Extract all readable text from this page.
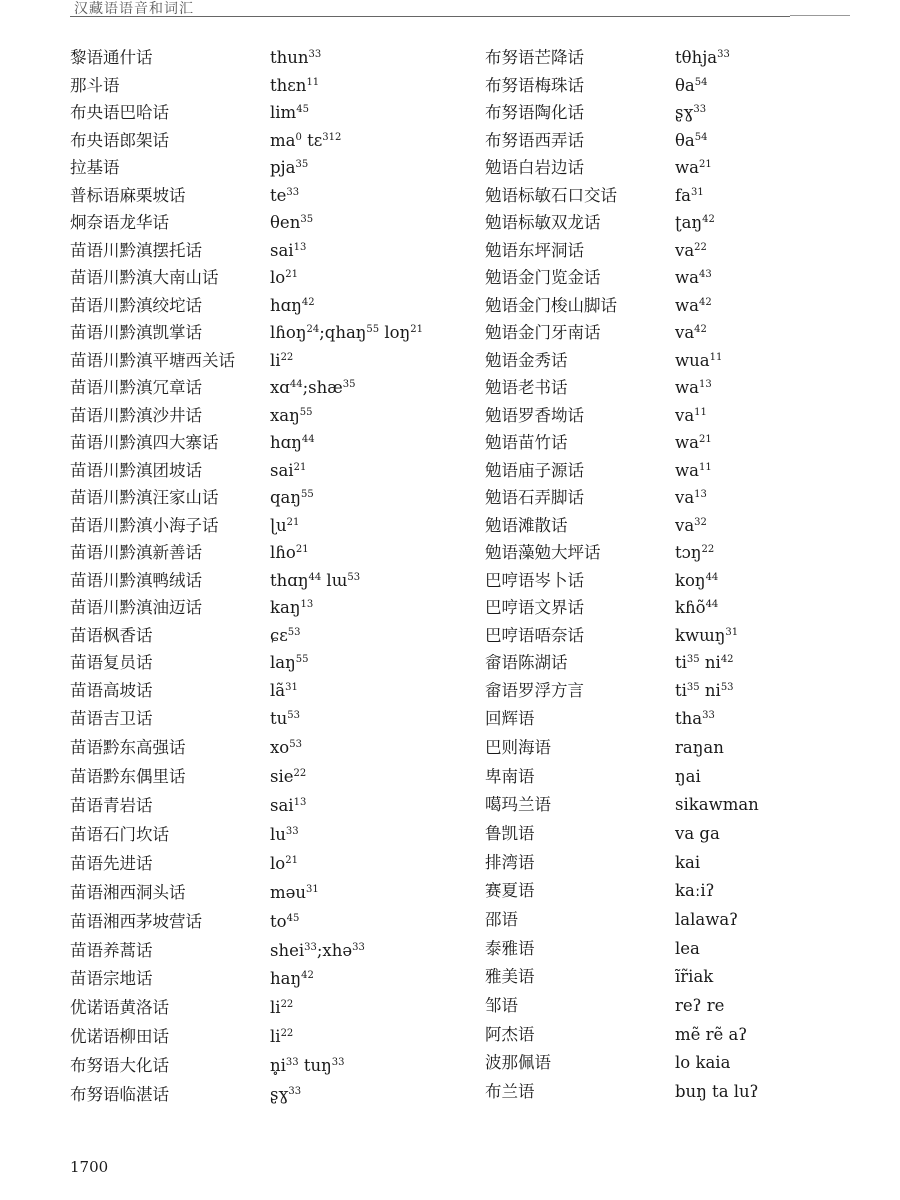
汉藏语语音和词汇
黎语通什话	thun$^{33}$
那斗语	thɛn$^{11}$
布央语巴哈话	$\lim^{45}$
布央语郎架话	$ma^0$ tɛ$^{312}$
拉基语	pja$^{35}$
普标语麻栗坡话	$te^{33}$
炯奈语龙华话	θen$^{35}$
苗语川黔滇摆托话	sai$^{13}$
苗语川黔滇大南山话	$lo^{21}$
苗语川黔滇绞坨话	hɑŋ$^{42}$
苗语川黔滇凯掌话	lɦoŋ$^{24}$;qhaŋ$^{55}$ loŋ$^{21}$
苗语川黔滇平塘西关话 $li^{22}$
苗语川黔滇冗章话	xɑ$^{44}$;shæ$^{35}$
苗语川黔滇沙井话	xaŋ$^{55}$
苗语川黔滇四大寨话	hɑŋ$^{44}$
苗语川黔滇团坡话	sai$^{21}$
苗语川黔滇汪家山话	qaŋ$^{55}$
苗语川黔滇小海子话	ɭu$^{21}$
苗语川黔滇新善话	lɦo$^{21}$
苗语川黔滇鸭绒话	thɑŋ$^{44}$ lɯ$^{53}$
苗语川黔滇油迈话	kaŋ$^{13}$
苗语枫香话	ɕɛ$^{53}$
苗语复员话	laŋ$^{55}$
苗语高坡话	$lã^{31}$
苗语吉卫话	$tu^{53}$
苗语黔东高强话	$xo^{53}$
苗语黔东偶里话	sie$^{22}$
苗语青岩话	sai$^{13}$
苗语石门坎话	$lu^{33}$
苗语先进话	$lo^{21}$
苗语湘西洞头话	məu$^{31}$
苗语湘西茅坡营话	$to^{45}$
苗语养蒿话	shei$^{33}$;xhə$^{33}$
苗语宗地话	haŋ$^{42}$
优诺语黄洛话	$li^{22}$
优诺语柳田话	$li^{22}$
布努语大化话	$n̥i^{33}$ tuŋ$^{33}$
布努语临湛话	ʂɣ$^{33}$
布努语芒降话	tθhja$^{33}$
布努语梅珠话	$\theta a^{54}$
布努语陶化话	ʂɣ$^{33}$
布努语西弄话	$\theta a^{54}$
勉语白岩边话	$wa^{21}$
勉语标敏石口交话	$fa^{31}$
勉语标敏双龙话	ʈaŋ$^{42}$
勉语东坪洞话	$va^{22}$
勉语金门览金话	$wa^{43}$
勉语金门梭山脚话	$wa^{42}$
勉语金门牙南话	$va^{42}$
勉语金秀话	wua$^{11}$
勉语老书话	$wa^{13}$
勉语罗香坳话	$va^{11}$
勉语苗竹话	$wa^{21}$
勉语庙子源话	$wa^{11}$
勉语石弄脚话	$va^{13}$
勉语滩散话	$va^{32}$
勉语藻勉大坪话	tɔŋ$^{22}$
巴哼语岑卜话	koŋ$^{44}$
巴哼语文界话	kɦõ$^{44}$
巴哼语唔奈话	kwɯŋ$^{31}$
畲语陈湖话	$ti^{35}$ $ni^{42}$
畲语罗浮方言	$ti^{35}$ $ni^{53}$
回辉语	tha$^{33}$
巴则海语	raŋan
卑南语	ŋai
噶玛兰语	sikawman
鲁凯语	va ga
排湾语	kai
赛夏语	kaːiʔ
邵语	lalawaʔ
泰雅语	lea
雅美语	ĩr̃iak
邹语	reʔ re
阿杰语	mẽ rẽ aʔ
波那佩语	lo kaia
布兰语	buŋ ta luʔ
1700
